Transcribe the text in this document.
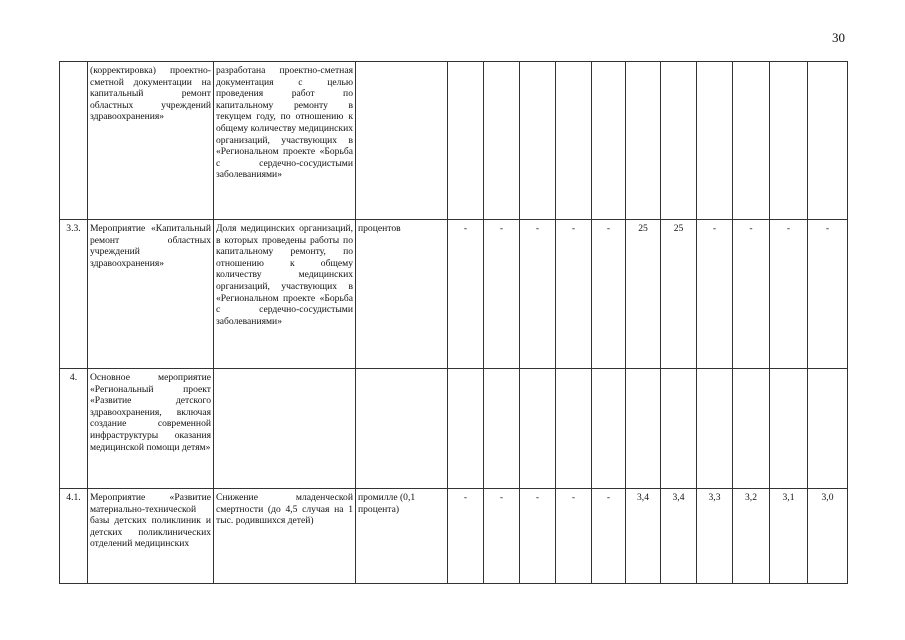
30
	(корректировка) проектно-сметной документации на капитальный ремонт областных учреждений здравоохранения»	разработана проектно-сметная документация с целью проведения работ по капитальному ремонту в текущем году, по отношению к общему количеству медицинских организаций, участвующих в «Региональном проекте «Борьба с сердечно-сосудистыми заболеваниями»												
3.3.	Мероприятие «Капитальный ремонт областных учреждений здравоохранения»	Доля медицинских организаций, в которых проведены работы по капитальному ремонту, по отношению к общему количеству медицинских организаций, участвующих в «Региональном проекте «Борьба с сердечно-сосудистыми заболеваниями»	процентов	-	-	-	-	-	25	25	-	-	-	-
4.	Основное мероприятие «Региональный проект «Развитие детского здравоохранения, включая создание современной инфраструктуры оказания медицинской помощи детям»													
4.1.	Мероприятие «Развитие материально-технической базы детских поликлиник и детских поликлинических отделений медицинских	Снижение младенческой смертности (до 4,5 случая на 1 тыс. родившихся детей)	промилле (0,1 процента)	-	-	-	-	-	3,4	3,4	3,3	3,2	3,1	3,0
